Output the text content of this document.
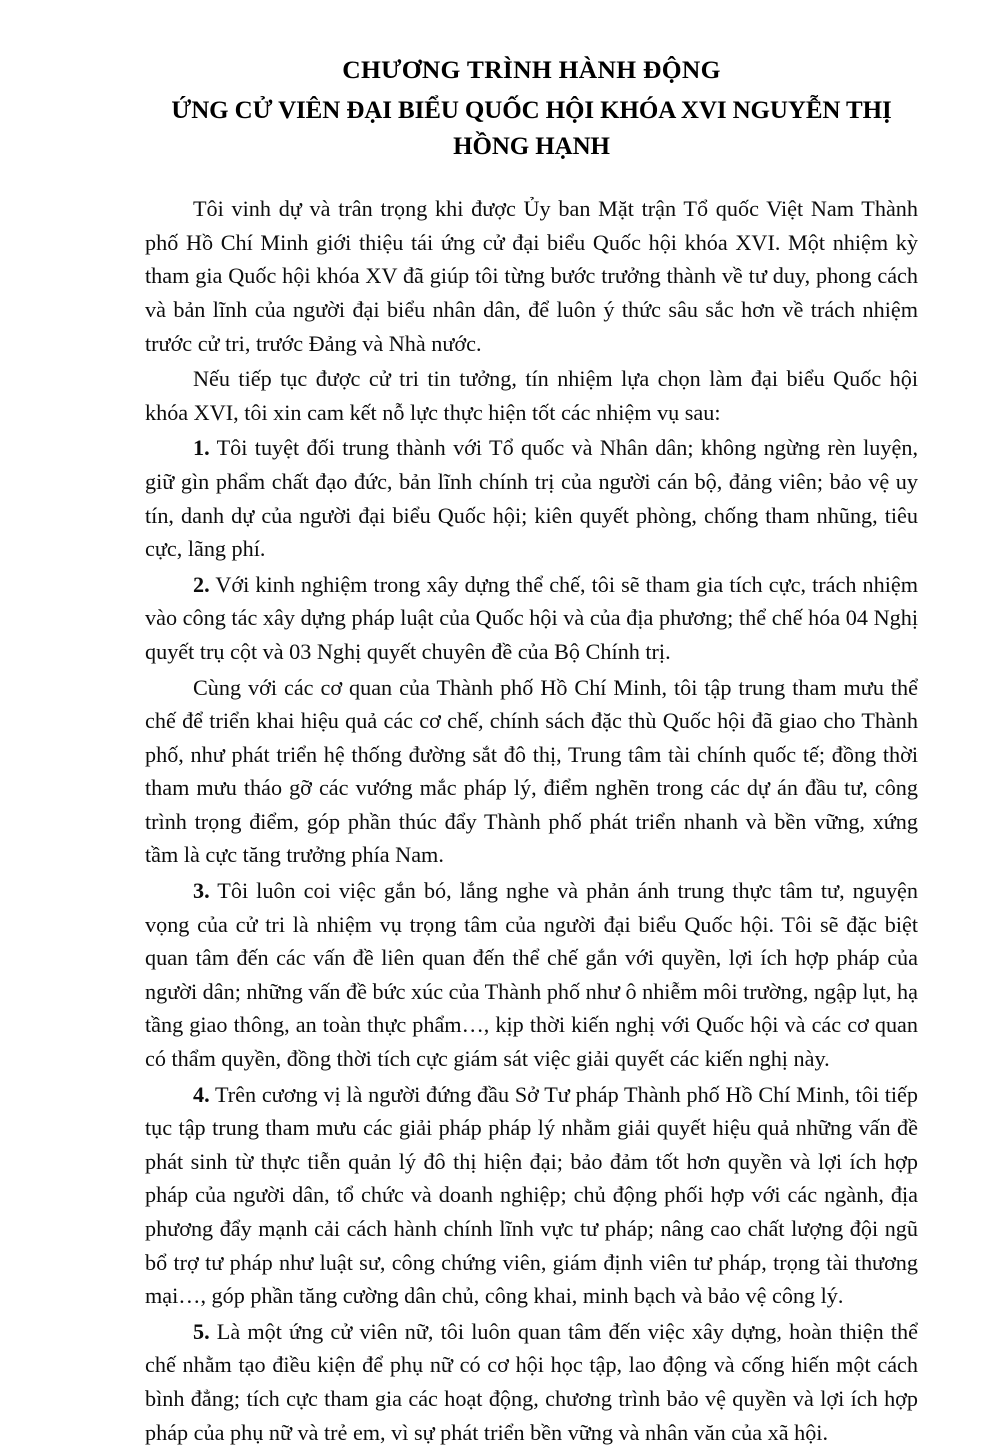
CHƯƠNG TRÌNH HÀNH ĐỘNG
ỨNG CỬ VIÊN ĐẠI BIỂU QUỐC HỘI KHÓA XVI NGUYỄN THỊ HỒNG HẠNH

Tôi vinh dự và trân trọng khi được Ủy ban Mặt trận Tổ quốc Việt Nam Thành phố Hồ Chí Minh giới thiệu tái ứng cử đại biểu Quốc hội khóa XVI. Một nhiệm kỳ tham gia Quốc hội khóa XV đã giúp tôi từng bước trưởng thành về tư duy, phong cách và bản lĩnh của người đại biểu nhân dân, để luôn ý thức sâu sắc hơn về trách nhiệm trước cử tri, trước Đảng và Nhà nước.

Nếu tiếp tục được cử tri tin tưởng, tín nhiệm lựa chọn làm đại biểu Quốc hội khóa XVI, tôi xin cam kết nỗ lực thực hiện tốt các nhiệm vụ sau:

1. Tôi tuyệt đối trung thành với Tổ quốc và Nhân dân; không ngừng rèn luyện, giữ gìn phẩm chất đạo đức, bản lĩnh chính trị của người cán bộ, đảng viên; bảo vệ uy tín, danh dự của người đại biểu Quốc hội; kiên quyết phòng, chống tham nhũng, tiêu cực, lãng phí.

2. Với kinh nghiệm trong xây dựng thể chế, tôi sẽ tham gia tích cực, trách nhiệm vào công tác xây dựng pháp luật của Quốc hội và của địa phương; thể chế hóa 04 Nghị quyết trụ cột và 03 Nghị quyết chuyên đề của Bộ Chính trị.

Cùng với các cơ quan của Thành phố Hồ Chí Minh, tôi tập trung tham mưu thể chế để triển khai hiệu quả các cơ chế, chính sách đặc thù Quốc hội đã giao cho Thành phố, như phát triển hệ thống đường sắt đô thị, Trung tâm tài chính quốc tế; đồng thời tham mưu tháo gỡ các vướng mắc pháp lý, điểm nghẽn trong các dự án đầu tư, công trình trọng điểm, góp phần thúc đẩy Thành phố phát triển nhanh và bền vững, xứng tầm là cực tăng trưởng phía Nam.

3. Tôi luôn coi việc gắn bó, lắng nghe và phản ánh trung thực tâm tư, nguyện vọng của cử tri là nhiệm vụ trọng tâm của người đại biểu Quốc hội. Tôi sẽ đặc biệt quan tâm đến các vấn đề liên quan đến thể chế gắn với quyền, lợi ích hợp pháp của người dân; những vấn đề bức xúc của Thành phố như ô nhiễm môi trường, ngập lụt, hạ tầng giao thông, an toàn thực phẩm…, kịp thời kiến nghị với Quốc hội và các cơ quan có thẩm quyền, đồng thời tích cực giám sát việc giải quyết các kiến nghị này.

4. Trên cương vị là người đứng đầu Sở Tư pháp Thành phố Hồ Chí Minh, tôi tiếp tục tập trung tham mưu các giải pháp pháp lý nhằm giải quyết hiệu quả những vấn đề phát sinh từ thực tiễn quản lý đô thị hiện đại; bảo đảm tốt hơn quyền và lợi ích hợp pháp của người dân, tổ chức và doanh nghiệp; chủ động phối hợp với các ngành, địa phương đẩy mạnh cải cách hành chính lĩnh vực tư pháp; nâng cao chất lượng đội ngũ bổ trợ tư pháp như luật sư, công chứng viên, giám định viên tư pháp, trọng tài thương mại…, góp phần tăng cường dân chủ, công khai, minh bạch và bảo vệ công lý.

5. Là một ứng cử viên nữ, tôi luôn quan tâm đến việc xây dựng, hoàn thiện thể chế nhằm tạo điều kiện để phụ nữ có cơ hội học tập, lao động và cống hiến một cách bình đẳng; tích cực tham gia các hoạt động, chương trình bảo vệ quyền và lợi ích hợp pháp của phụ nữ và trẻ em, vì sự phát triển bền vững và nhân văn của xã hội.
